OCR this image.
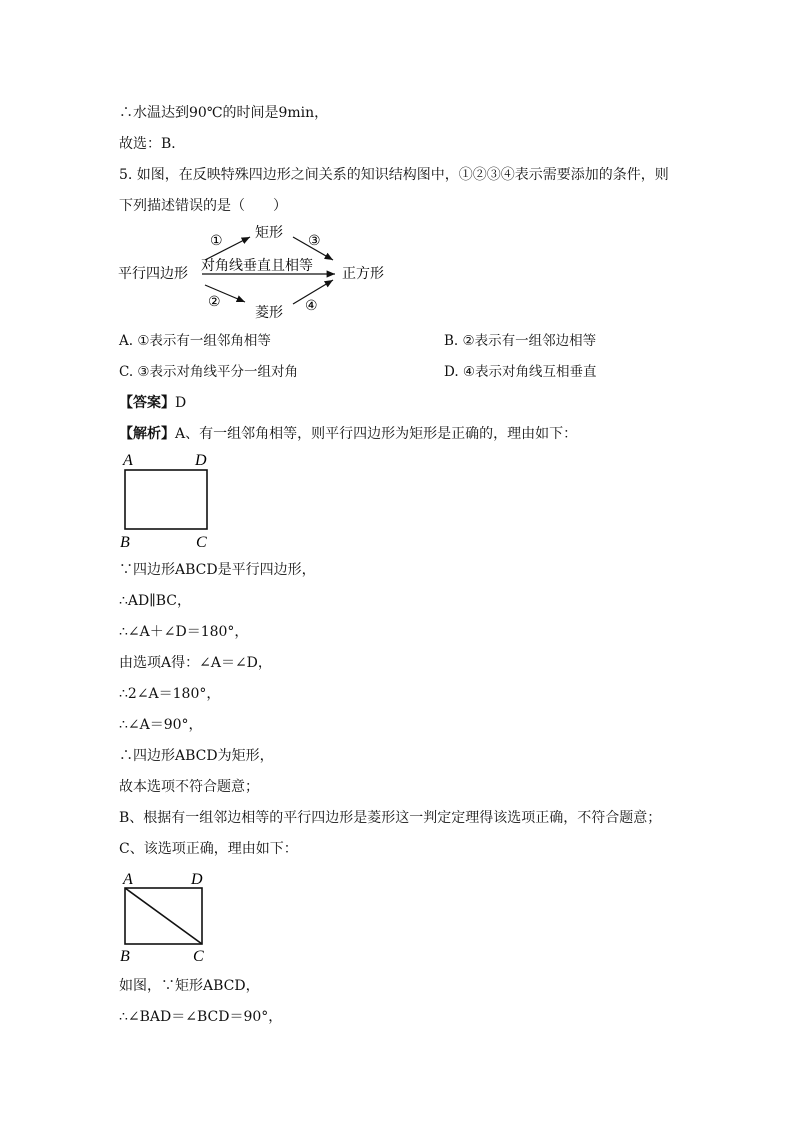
∴水温达到90℃的时间是9min，
故选：B．
5. 如图，在反映特殊四边形之间关系的知识结构图中，①②③④表示需要添加的条件，则
下列描述错误的是（　　）
平行四边形
矩形
菱形
正方形
对角线垂直且相等
①
②
③
④
A. ①表示有一组邻角相等	B. ②表示有一组邻边相等
C. ③表示对角线平分一组对角	D. ④表示对角线互相垂直
【答案】D
【解析】A、有一组邻角相等，则平行四边形为矩形是正确的，理由如下：
A	D
B	C
∵四边形ABCD是平行四边形，
∴AD∥BC，
∴∠A＋∠D＝180°，
由选项A得：∠A＝∠D，
∴2∠A＝180°，
∴∠A＝90°，
∴四边形ABCD为矩形，
故本选项不符合题意；
B、根据有一组邻边相等的平行四边形是菱形这一判定定理得该选项正确，不符合题意；
C、该选项正确，理由如下：
A	D
B	C
如图，∵矩形ABCD，
∴∠BAD＝∠BCD＝90°，
